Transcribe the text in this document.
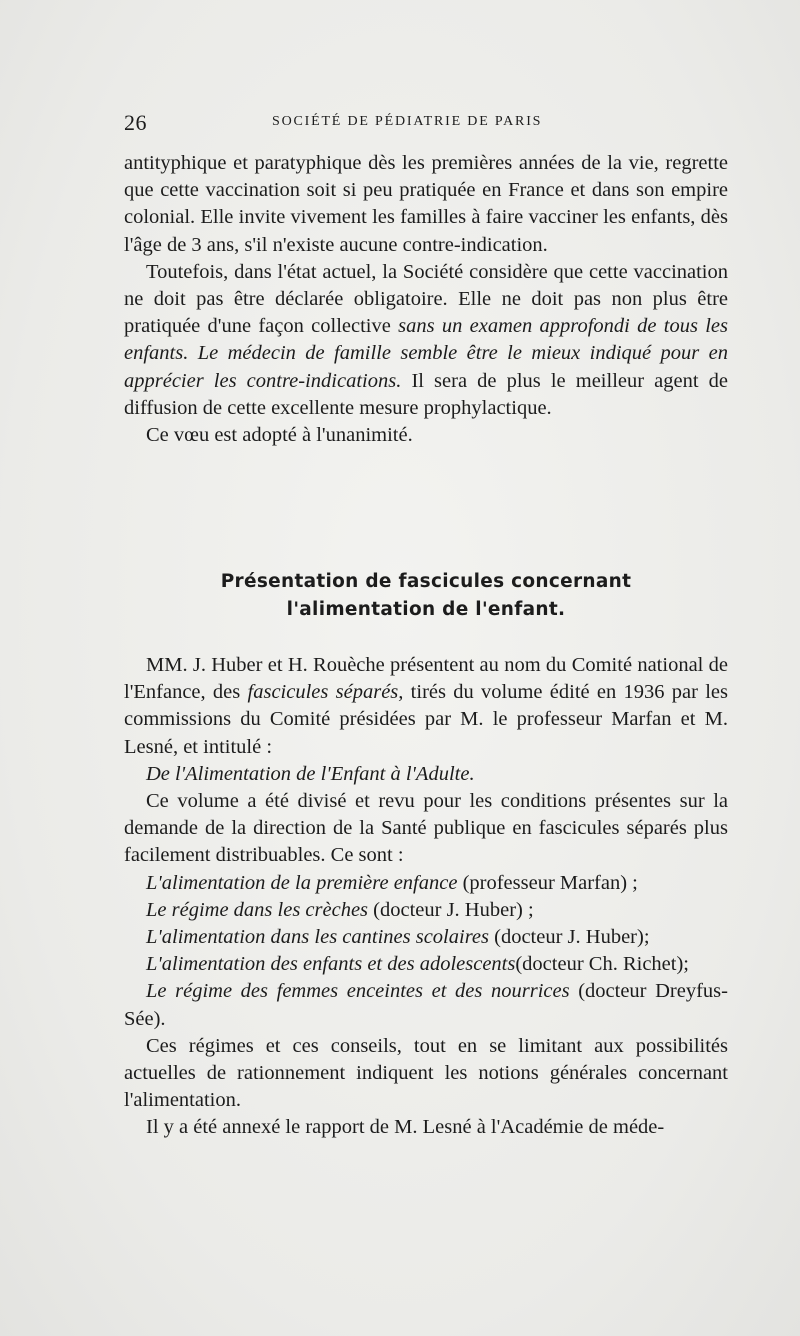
26	SOCIÉTÉ DE PÉDIATRIE DE PARIS

antityphique et paratyphique dès les premières années de la vie, regrette que cette vaccination soit si peu pratiquée en France et dans son empire colonial. Elle invite vivement les familles à faire vacciner les enfants, dès l'âge de 3 ans, s'il n'existe aucune contre-indication.

Toutefois, dans l'état actuel, la Société considère que cette vaccination ne doit pas être déclarée obligatoire. Elle ne doit pas non plus être pratiquée d'une façon collective sans un examen approfondi de tous les enfants. Le médecin de famille semble être le mieux indiqué pour en apprécier les contre-indications. Il sera de plus le meilleur agent de diffusion de cette excellente mesure prophylactique.

Ce vœu est adopté à l'unanimité.

Présentation de fascicules concernant
l'alimentation de l'enfant.

MM. J. Huber et H. Rouèche présentent au nom du Comité national de l'Enfance, des fascicules séparés, tirés du volume édité en 1936 par les commissions du Comité présidées par M. le professeur Marfan et M. Lesné, et intitulé :

De l'Alimentation de l'Enfant à l'Adulte.

Ce volume a été divisé et revu pour les conditions présentes sur la demande de la direction de la Santé publique en fascicules séparés plus facilement distribuables. Ce sont :

L'alimentation de la première enfance (professeur Marfan) ;

Le régime dans les crèches (docteur J. Huber) ;

L'alimentation dans les cantines scolaires (docteur J. Huber);

L'alimentation des enfants et des adolescents(docteur Ch. Richet);

Le régime des femmes enceintes et des nourrices (docteur Dreyfus-Sée).

Ces régimes et ces conseils, tout en se limitant aux possibilités actuelles de rationnement indiquent les notions générales concernant l'alimentation.

Il y a été annexé le rapport de M. Lesné à l'Académie de méde-
